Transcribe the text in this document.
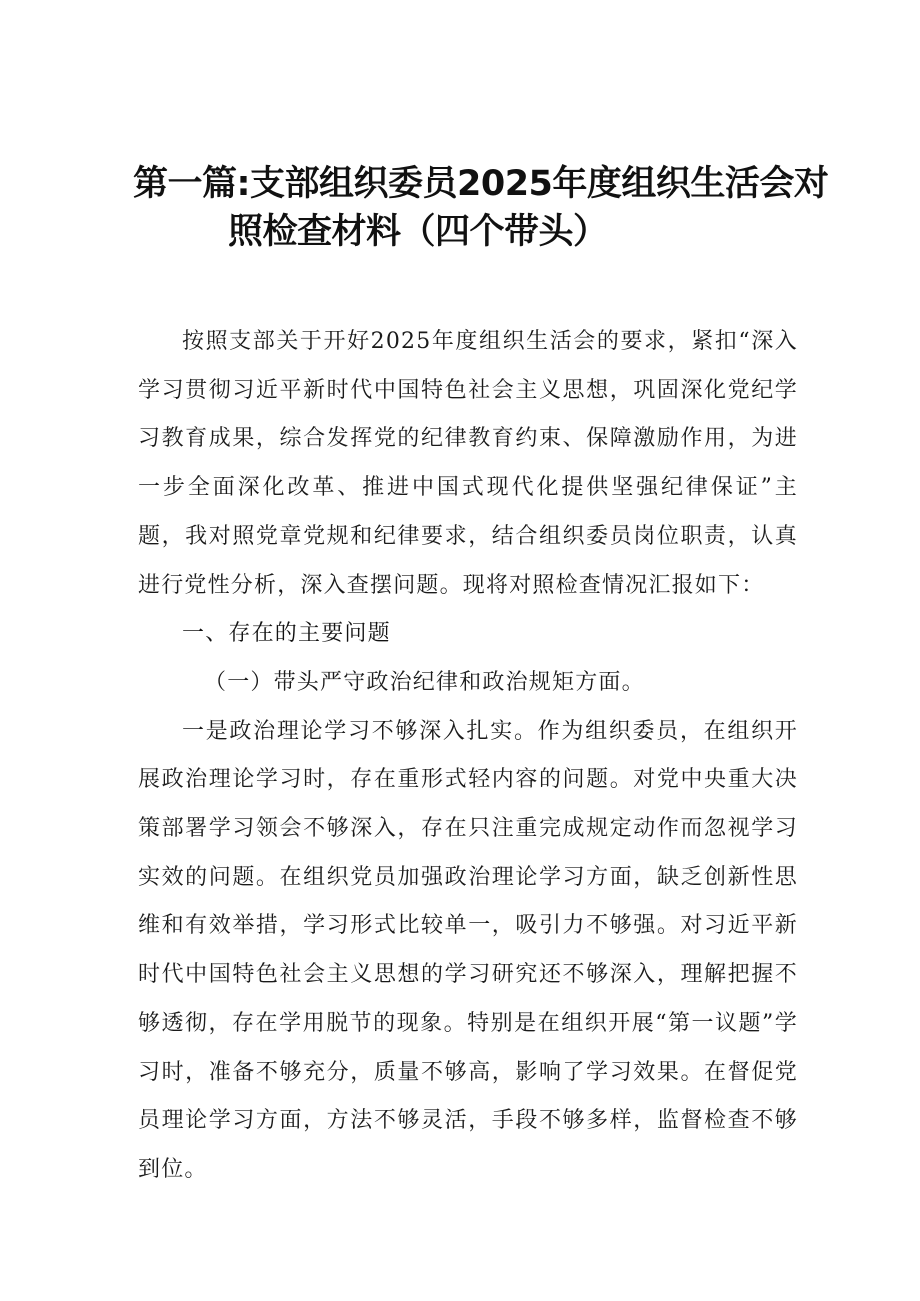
第一篇:支部组织委员2025年度组织生活会对
照检查材料（四个带头）

按照支部关于开好2025年度组织生活会的要求，紧扣“深入学习贯彻习近平新时代中国特色社会主义思想，巩固深化党纪学习教育成果，综合发挥党的纪律教育约束、保障激励作用，为进一步全面深化改革、推进中国式现代化提供坚强纪律保证”主题，我对照党章党规和纪律要求，结合组织委员岗位职责，认真进行党性分析，深入查摆问题。现将对照检查情况汇报如下：

一、存在的主要问题

（一）带头严守政治纪律和政治规矩方面。

一是政治理论学习不够深入扎实。作为组织委员，在组织开展政治理论学习时，存在重形式轻内容的问题。对党中央重大决策部署学习领会不够深入，存在只注重完成规定动作而忽视学习实效的问题。在组织党员加强政治理论学习方面，缺乏创新性思维和有效举措，学习形式比较单一，吸引力不够强。对习近平新时代中国特色社会主义思想的学习研究还不够深入，理解把握不够透彻，存在学用脱节的现象。特别是在组织开展“第一议题”学习时，准备不够充分，质量不够高，影响了学习效果。在督促党员理论学习方面，方法不够灵活，手段不够多样，监督检查不够到位。
